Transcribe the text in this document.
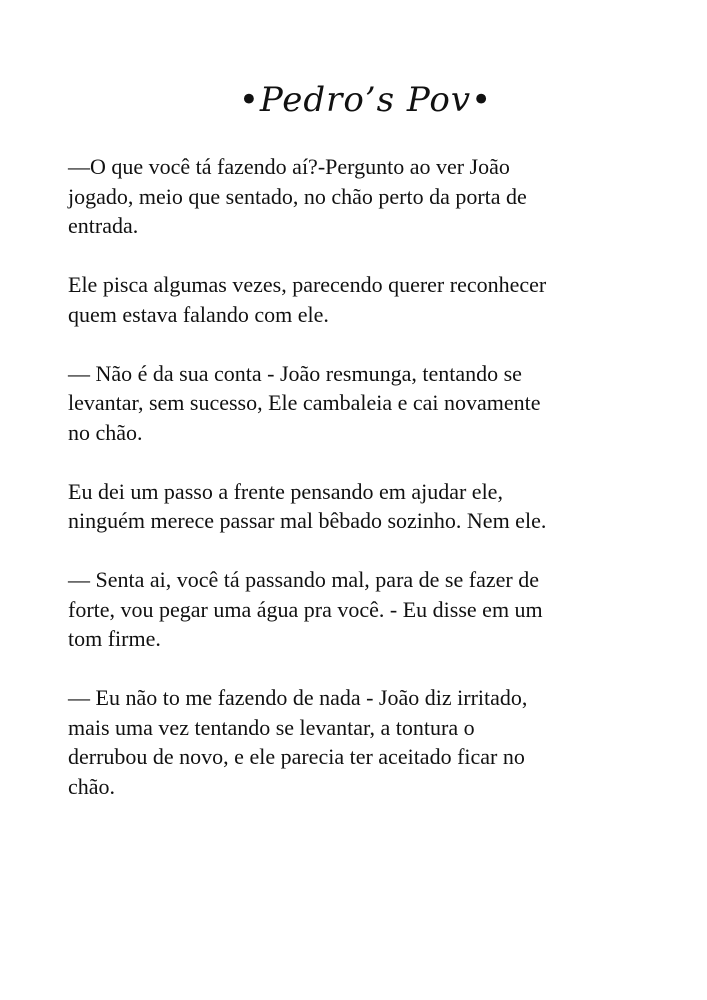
•Pedro’s Pov•

—O que você tá fazendo aí?-Pergunto ao ver João
jogado, meio que sentado, no chão perto da porta de
entrada.

Ele pisca algumas vezes, parecendo querer reconhecer
quem estava falando com ele.

— Não é da sua conta - João resmunga, tentando se
levantar, sem sucesso, Ele cambaleia e cai novamente
no chão.

Eu dei um passo a frente pensando em ajudar ele,
ninguém merece passar mal bêbado sozinho. Nem ele.

— Senta ai, você tá passando mal, para de se fazer de
forte, vou pegar uma água pra você. - Eu disse em um
tom firme.

— Eu não to me fazendo de nada - João diz irritado,
mais uma vez tentando se levantar, a tontura o
derrubou de novo, e ele parecia ter aceitado ficar no
chão.
